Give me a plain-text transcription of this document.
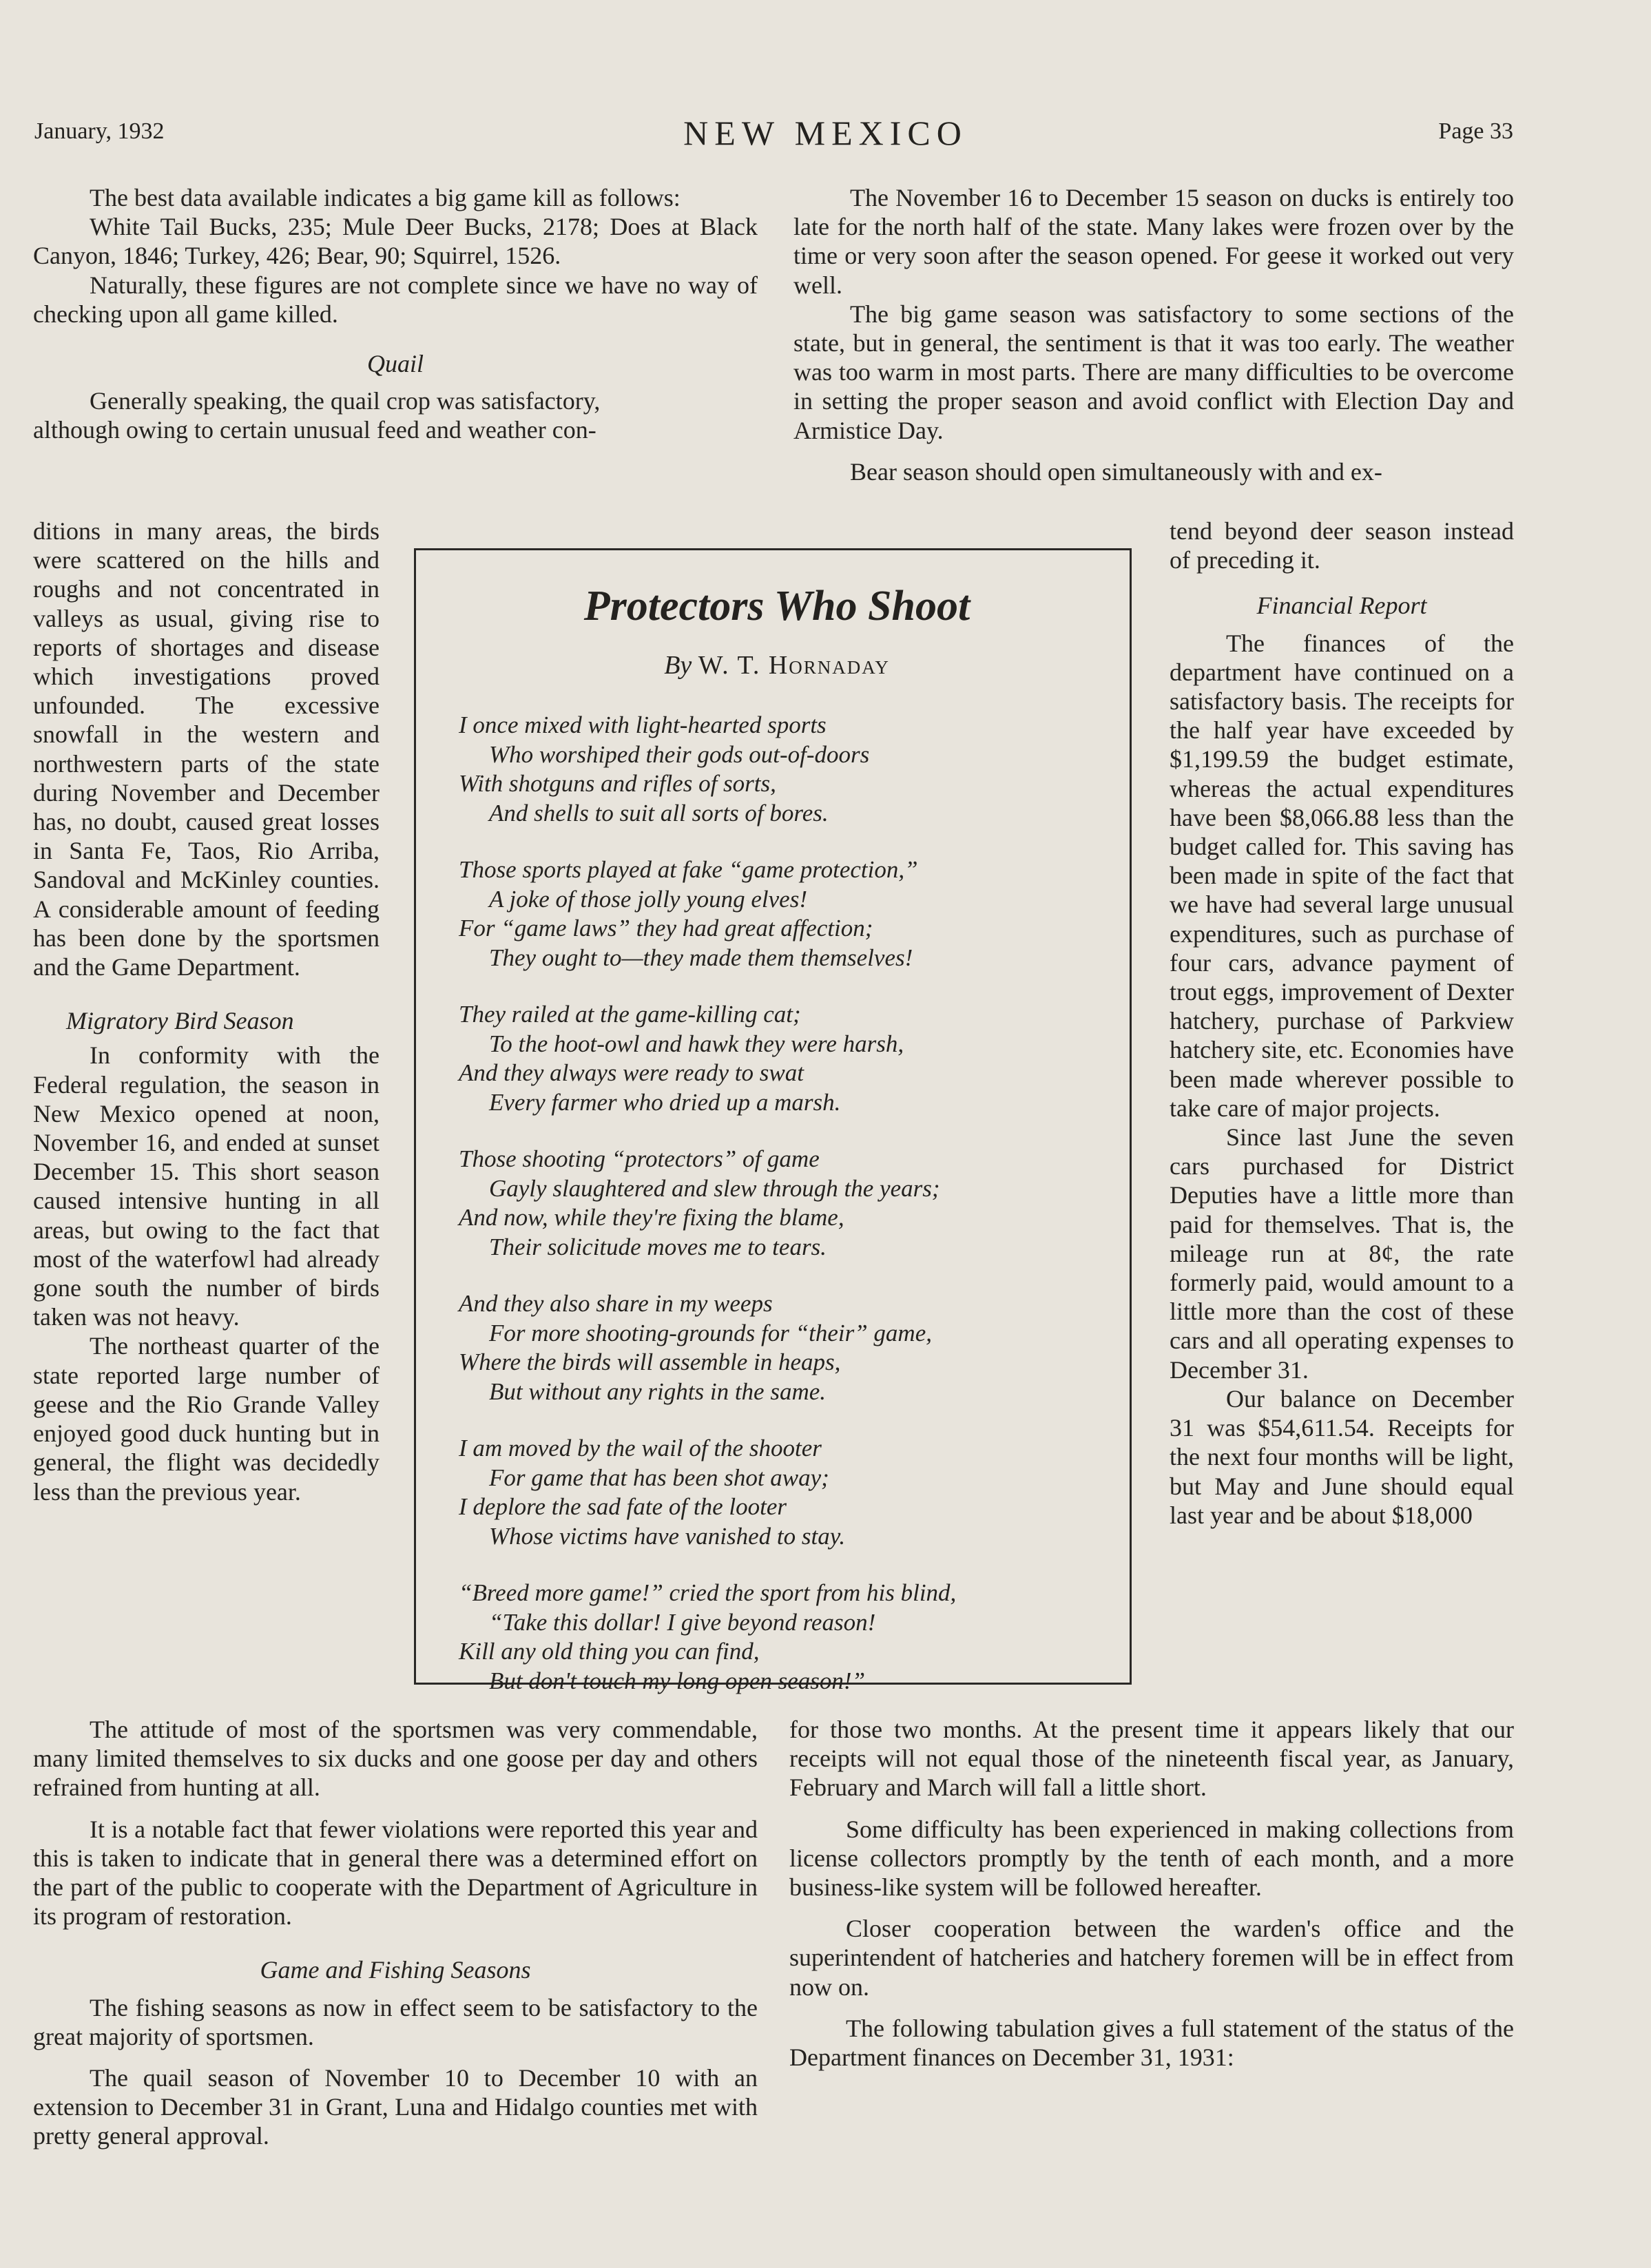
January, 1932	NEW MEXICO	Page 33

The best data available indicates a big game kill as follows:

White Tail Bucks, 235; Mule Deer Bucks, 2178; Does at Black Canyon, 1846; Turkey, 426; Bear, 90; Squirrel, 1526.

Naturally, these figures are not complete since we have no way of checking upon all game killed.

Quail

Generally speaking, the quail crop was satisfactory,

although owing to certain unusual feed and weather con-

ditions in many areas, the birds were scattered on the hills and roughs and not concentrated in valleys as usual, giving rise to reports of shortages and disease which investigations proved unfounded. The excessive snowfall in the western and northwestern parts of the state during November and December has, no doubt, caused great losses in Santa Fe, Taos, Rio Arriba, Sandoval and McKinley counties. A considerable amount of feeding has been done by the sportsmen and the Game Department.

Migratory Bird Season

In conformity with the Federal regulation, the season in New Mexico opened at noon, November 16, and ended at sunset December 15. This short season caused intensive hunting in all areas, but owing to the fact that most of the waterfowl had already gone south the number of birds taken was not heavy.

The northeast quarter of the state reported large number of geese and the Rio Grande Valley enjoyed good duck hunting but in general, the flight was decidedly less than the previous year.

The attitude of most of the sportsmen was very commendable, many limited themselves to six ducks and one goose per day and others refrained from hunting at all.

It is a notable fact that fewer violations were reported this year and this is taken to indicate that in general there was a determined effort on the part of the public to cooperate with the Department of Agriculture in its program of restoration.

Game and Fishing Seasons

The fishing seasons as now in effect seem to be satisfactory to the great majority of sportsmen.

The quail season of November 10 to December 10 with an extension to December 31 in Grant, Luna and Hidalgo counties met with pretty general approval.

The November 16 to December 15 season on ducks is entirely too late for the north half of the state. Many lakes were frozen over by the time or very soon after the season opened. For geese it worked out very well.

The big game season was satisfactory to some sections of the state, but in general, the sentiment is that it was too early. The weather was too warm in most parts. There are many difficulties to be overcome in setting the proper season and avoid conflict with Election Day and Armistice Day.

Bear season should open simultaneously with and ex-

tend beyond deer season instead of preceding it.

Financial Report

The finances of the department have continued on a satisfactory basis. The receipts for the half year have exceeded by $1,199.59 the budget estimate, whereas the actual expenditures have been $8,066.88 less than the budget called for. This saving has been made in spite of the fact that we have had several large unusual expenditures, such as purchase of four cars, advance payment of trout eggs, improvement of Dexter hatchery, purchase of Parkview hatchery site, etc. Economies have been made wherever possible to take care of major projects.

Since last June the seven cars purchased for District Deputies have a little more than paid for themselves. That is, the mileage run at 8¢, the rate formerly paid, would amount to a little more than the cost of these cars and all operating expenses to December 31.

Our balance on December 31 was $54,611.54. Receipts for the next four months will be light, but May and June should equal last year and be about $18,000

for those two months. At the present time it appears likely that our receipts will not equal those of the nineteenth fiscal year, as January, February and March will fall a little short.

Some difficulty has been experienced in making collections from license collectors promptly by the tenth of each month, and a more business-like system will be followed hereafter.

Closer cooperation between the warden's office and the superintendent of hatcheries and hatchery foremen will be in effect from now on.

The following tabulation gives a full statement of the status of the Department finances on December 31, 1931:

Protectors Who Shoot
By W. T. Hornaday
I once mixed with light-hearted sports
Who worshiped their gods out-of-doors
With shotguns and rifles of sorts,
And shells to suit all sorts of bores.
Those sports played at fake “game protection,”
A joke of those jolly young elves!
For “game laws” they had great affection;
They ought to—they made them themselves!
They railed at the game-killing cat;
To the hoot-owl and hawk they were harsh,
And they always were ready to swat
Every farmer who dried up a marsh.
Those shooting “protectors” of game
Gayly slaughtered and slew through the years;
And now, while they're fixing the blame,
Their solicitude moves me to tears.
And they also share in my weeps
For more shooting-grounds for “their” game,
Where the birds will assemble in heaps,
But without any rights in the same.
I am moved by the wail of the shooter
For game that has been shot away;
I deplore the sad fate of the looter
Whose victims have vanished to stay.
“Breed more game!” cried the sport from his blind,
“Take this dollar! I give beyond reason!
Kill any old thing you can find,
But don't touch my long open season!”
